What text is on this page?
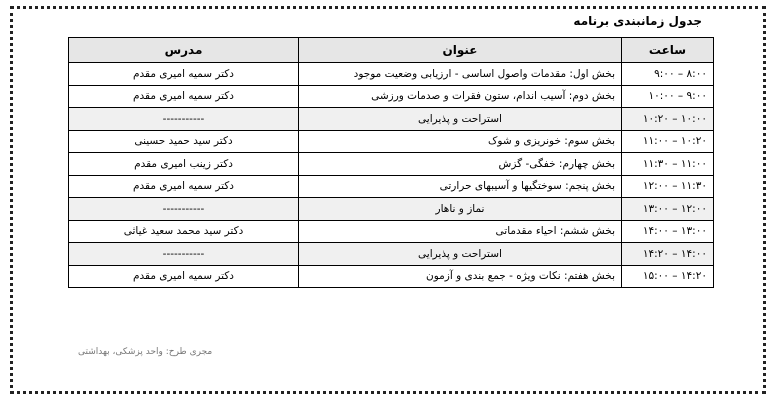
جدول زمانبندی برنامه
ساعت	عنوان	مدرس
۸:۰۰ – ۹:۰۰	بخش اول: مقدمات واصول اساسی - ارزیابی وضعیت موجود	دکتر سمیه امیری مقدم
۹:۰۰ – ۱۰:۰۰	بخش دوم: آسیب اندام، ستون فقرات و صدمات ورزشی	دکتر سمیه امیری مقدم
۱۰:۰۰ – ۱۰:۲۰	استراحت و پذیرایی	-----------
۱۰:۲۰ – ۱۱:۰۰	بخش سوم: خونریزی و شوک	دکتر سید حمید حسینی
۱۱:۰۰ – ۱۱:۳۰	بخش چهارم: خفگی- گزش	دکتر زینب امیری مقدم
۱۱:۳۰ – ۱۲:۰۰	بخش پنجم: سوختگیها و آسیبهای حرارتی	دکتر سمیه امیری مقدم
۱۲:۰۰ – ۱۳:۰۰	نماز و ناهار	-----------
۱۳:۰۰ – ۱۴:۰۰	بخش ششم: احیاء مقدماتی	دکتر سید محمد سعید غیاثی
۱۴:۰۰ – ۱۴:۲۰	استراحت و پذیرایی	-----------
۱۴:۲۰ – ۱۵:۰۰	بخش هفتم: نکات ویژه - جمع بندی و آزمون	دکتر سمیه امیری مقدم
مجری طرح: واحد پزشکی، بهداشتی
